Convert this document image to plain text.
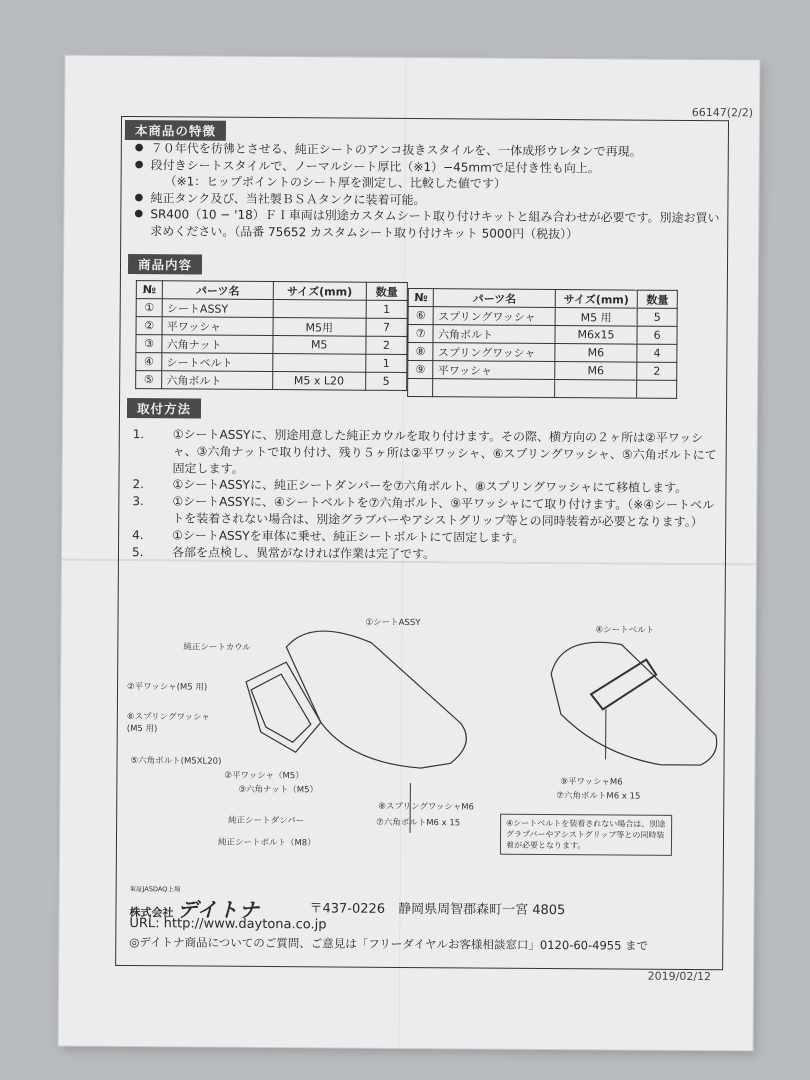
66147(2/2)
本商品の特徴
● ７０年代を彷彿とさせる、純正シートのアンコ抜きスタイルを、一体成形ウレタンで再現。
● 段付きシートスタイルで、ノーマルシート厚比（※1）−45mmで足付き性も向上。
（※1：ヒップポイントのシート厚を測定し、比較した値です）
● 純正タンク及び、当社製ＢＳＡタンクに装着可能。
● SR400（10 − '18）ＦＩ車両は別途カスタムシート取り付けキットと組み合わせが必要です。別途お買い求めください。（品番 75652 カスタムシート取り付けキット 5000円（税抜））
商品内容
№	パーツ名	サイズ(mm)	数量
①	シートASSY		1
②	平ワッシャ	M5用	7
③	六角ナット	M5	2
④	シートベルト		1
⑤	六角ボルト	M5 x L20	5
№	パーツ名	サイズ(mm)	数量
⑥	スプリングワッシャ	M5 用	5
⑦	六角ボルト	M6x15	6
⑧	スプリングワッシャ	M6	4
⑨	平ワッシャ	M6	2

取付方法
1.	①シートASSYに、別途用意した純正カウルを取り付けます。その際、横方向の２ヶ所は②平ワッシャ、③六角ナットで取り付け、残り５ヶ所は②平ワッシャ、⑥スプリングワッシャ、⑤六角ボルトにて固定します。
2.	①シートASSYに、純正シートダンパーを⑦六角ボルト、⑧スプリングワッシャにて移植します。
3.	①シートASSYに、④シートベルトを⑦六角ボルト、⑨平ワッシャにて取り付けます。（※④シートベルトを装着されない場合は、別途グラブバーやアシストグリップ等との同時装着が必要となります。）
4.	①シートASSYを車体に乗せ、純正シートボルトにて固定します。
5.	各部を点検し、異常がなければ作業は完了です。
①シートASSY
純正シートカウル
②平ワッシャ(M5 用)
⑥スプリングワッシャ(M5 用)
⑤六角ボルト(M5XL20)
②平ワッシャ（M5）
③六角ナット（M5）
⑧スプリングワッシャM6
純正シートダンパー	⑦六角ボルトM6 x 15
純正シートボルト（M8）
④シートベルト
⑨平ワッシャM6
⑦六角ボルトM6 x 15
④シートベルトを装着されない場合は、別途グラブバーやアシストグリップ等との同時装着が必要となります。
東証JASDAQ上場
株式会社 デイトナ	〒437-0226　静岡県周智郡森町一宮 4805
URL: http://www.daytona.co.jp
◎デイトナ商品についてのご質問、ご意見は「フリーダイヤルお客様相談窓口」0120-60-4955 まで
2019/02/12
